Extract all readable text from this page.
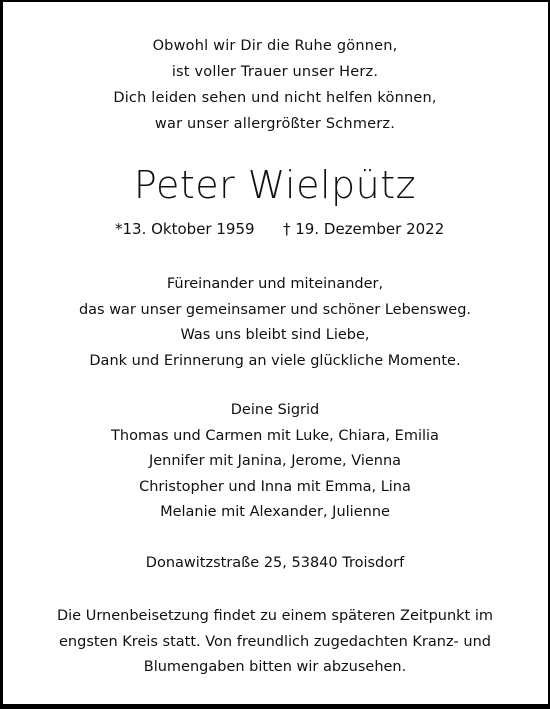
Obwohl wir Dir die Ruhe gönnen,
ist voller Trauer unser Herz.
Dich leiden sehen und nicht helfen können,
war unser allergrößter Schmerz.
Peter Wielpütz
*13. Oktober 1959 † 19. Dezember 2022
Füreinander und miteinander,
das war unser gemeinsamer und schöner Lebensweg.
Was uns bleibt sind Liebe,
Dank und Erinnerung an viele glückliche Momente.
Deine Sigrid
Thomas und Carmen mit Luke, Chiara, Emilia
Jennifer mit Janina, Jerome, Vienna
Christopher und Inna mit Emma, Lina
Melanie mit Alexander, Julienne
Donawitzstraße 25, 53840 Troisdorf
Die Urnenbeisetzung findet zu einem späteren Zeitpunkt im
engsten Kreis statt. Von freundlich zugedachten Kranz- und
Blumengaben bitten wir abzusehen.
